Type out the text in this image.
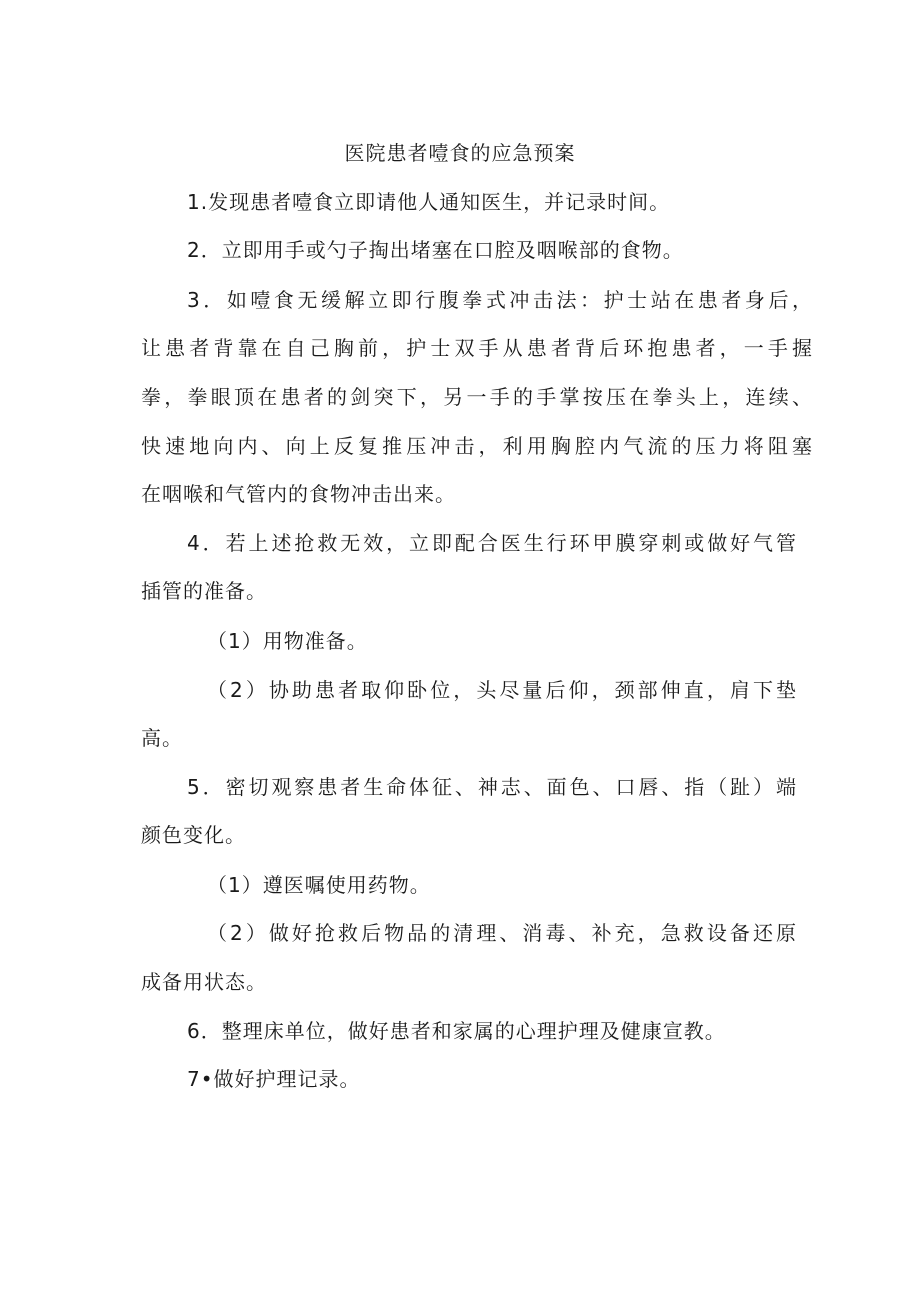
医院患者噎食的应急预案
1.发现患者噎食立即请他人通知医生，并记录时间。
2．立即用手或勺子掏出堵塞在口腔及咽喉部的食物。
3．如噎食无缓解立即行腹拳式冲击法：护士站在患者身后，
让患者背靠在自己胸前，护士双手从患者背后环抱患者，一手握
拳，拳眼顶在患者的剑突下，另一手的手掌按压在拳头上，连续、
快速地向内、向上反复推压冲击，利用胸腔内气流的压力将阻塞
在咽喉和气管内的食物冲击出来。
4．若上述抢救无效，立即配合医生行环甲膜穿刺或做好气管
插管的准备。
（1）用物准备。
（2）协助患者取仰卧位，头尽量后仰，颈部伸直，肩下垫
高。
5．密切观察患者生命体征、神志、面色、口唇、指（趾）端
颜色变化。
（1）遵医嘱使用药物。
（2）做好抢救后物品的清理、消毒、补充，急救设备还原
成备用状态。
6．整理床单位，做好患者和家属的心理护理及健康宣教。
7•做好护理记录。
